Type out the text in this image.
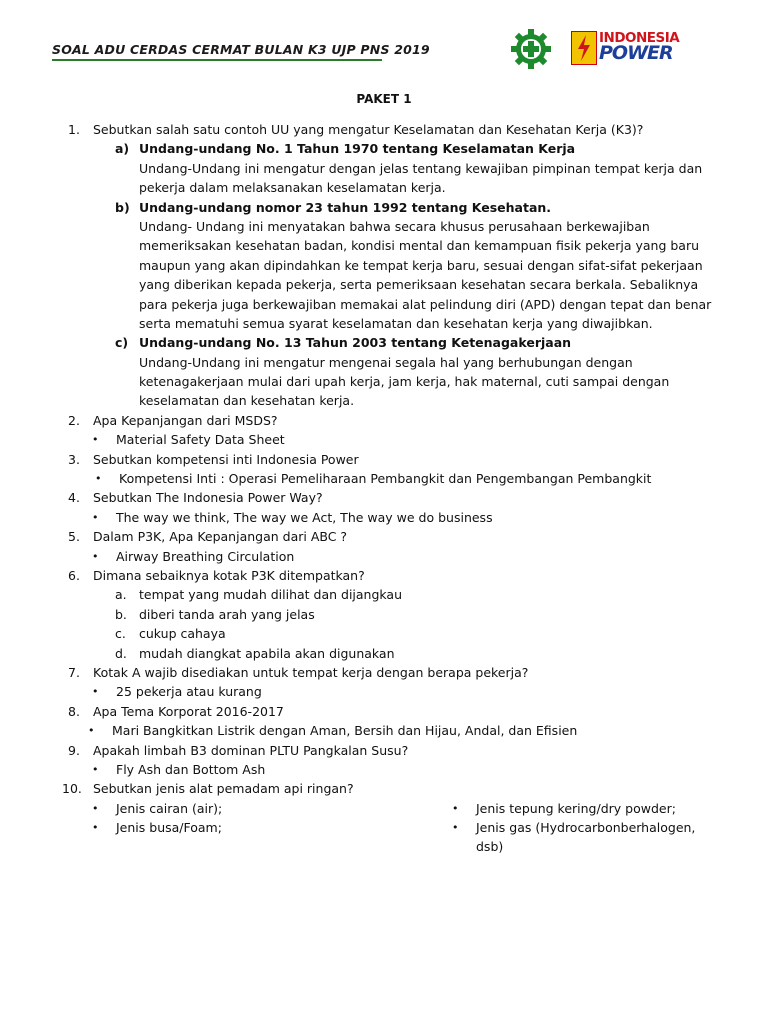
SOAL ADU CERDAS CERMAT BULAN K3 UJP PNS 2019
INDONESIA
POWER
PAKET 1
1. Sebutkan salah satu contoh UU yang mengatur Keselamatan dan Kesehatan Kerja (K3)?
a) Undang-undang No. 1 Tahun 1970 tentang Keselamatan Kerja
Undang-Undang ini mengatur dengan jelas tentang kewajiban pimpinan tempat kerja dan
pekerja dalam melaksanakan keselamatan kerja.
b) Undang-undang nomor 23 tahun 1992 tentang Kesehatan.
Undang- Undang ini menyatakan bahwa secara khusus perusahaan berkewajiban
memeriksakan kesehatan badan, kondisi mental dan kemampuan fisik pekerja yang baru
maupun yang akan dipindahkan ke tempat kerja baru, sesuai dengan sifat-sifat pekerjaan
yang diberikan kepada pekerja, serta pemeriksaan kesehatan secara berkala. Sebaliknya
para pekerja juga berkewajiban memakai alat pelindung diri (APD) dengan tepat dan benar
serta mematuhi semua syarat keselamatan dan kesehatan kerja yang diwajibkan.
c) Undang-undang No. 13 Tahun 2003 tentang Ketenagakerjaan
Undang-Undang ini mengatur mengenai segala hal yang berhubungan dengan
ketenagakerjaan mulai dari upah kerja, jam kerja, hak maternal, cuti sampai dengan
keselamatan dan kesehatan kerja.
2. Apa Kepanjangan dari MSDS?
• Material Safety Data Sheet
3. Sebutkan kompetensi inti Indonesia Power
• Kompetensi Inti : Operasi Pemeliharaan Pembangkit dan Pengembangan Pembangkit
4. Sebutkan The Indonesia Power Way?
• The way we think, The way we Act, The way we do business
5. Dalam P3K, Apa Kepanjangan dari ABC ?
• Airway Breathing Circulation
6. Dimana sebaiknya kotak P3K ditempatkan?
a. tempat yang mudah dilihat dan dijangkau
b. diberi tanda arah yang jelas
c. cukup cahaya
d. mudah diangkat apabila akan digunakan
7. Kotak A wajib disediakan untuk tempat kerja dengan berapa pekerja?
• 25 pekerja atau kurang
8. Apa Tema Korporat 2016-2017
• Mari Bangkitkan Listrik dengan Aman, Bersih dan Hijau, Andal, dan Efisien
9. Apakah limbah B3 dominan PLTU Pangkalan Susu?
• Fly Ash dan Bottom Ash
10. Sebutkan jenis alat pemadam api ringan?
• Jenis cairan (air);	• Jenis tepung kering/dry powder;
• Jenis busa/Foam;	• Jenis gas (Hydrocarbonberhalogen,
dsb)
